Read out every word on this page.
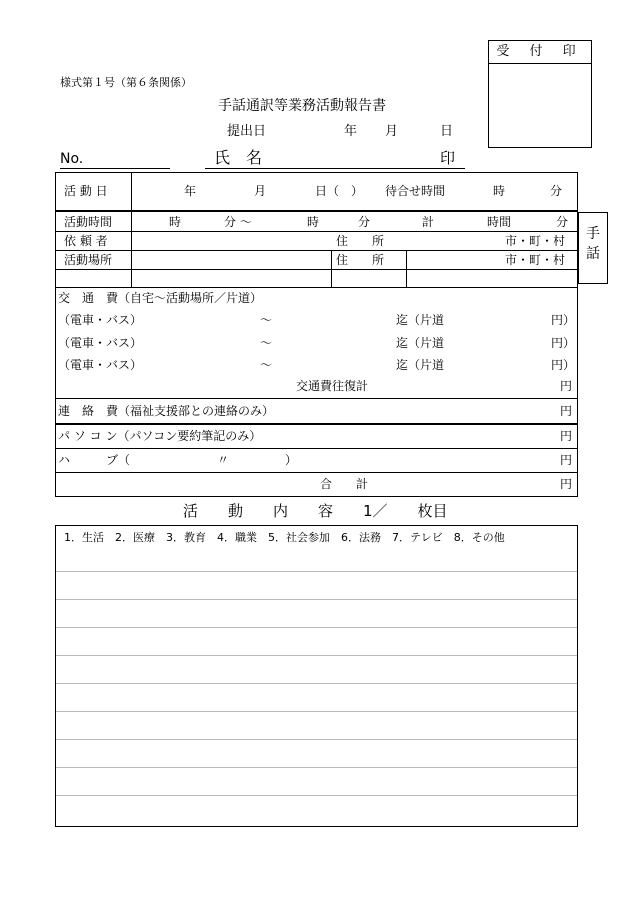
受 付 印
様式第１号（第６条関係）
手話通訳等業務活動報告書
提出日	年 月	日
No.	氏　名	印
活 動 日	年	月	日（　） 待合せ時間	時	分
活動時間	時	分 〜	時	分	計	時間	分
依 頼 者	住　　所	市・町・村
活動場所	住　　所	市・町・村
交　通　費（自宅〜活動場所／片道）
（電車・バス）	〜	迄（片道	円）
（電車・バス）	〜	迄（片道	円）
（電車・バス）	〜	迄（片道	円）
交通費往復計	円
連　絡　費（福祉支援部との連絡のみ）	円
パ ソ コ ン（パソコン要約筆記のみ）	円
ハ　　　ブ（	〃	）	円
合　　計	円
手
話
活　　動　　内　　容　　1／　　枚目
1．生活　2．医療　3．教育　4．職業　5．社会参加　6．法務　7．テレビ　8．その他
